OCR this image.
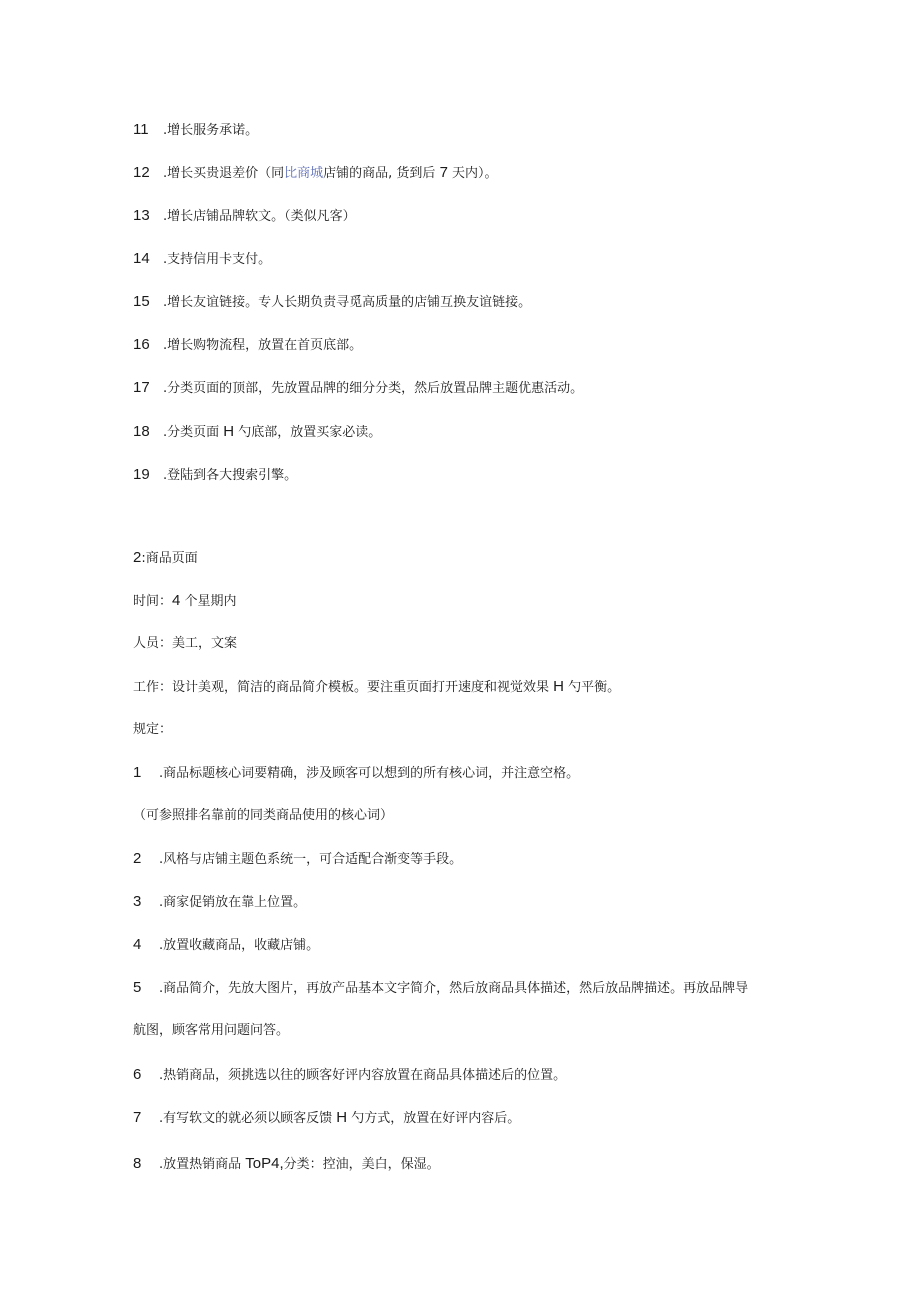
11 .增长服务承诺。
12 .增长买贵退差价（同比商城店铺的商品, 货到后 7 天内）。
13 .增长店铺品牌软文。（类似凡客）
14 .支持信用卡支付。
15 .增长友谊链接。专人长期负责寻觅高质量的店铺互换友谊链接。
16 .增长购物流程，放置在首页底部。
17 .分类页面的顶部，先放置品牌的细分分类，然后放置品牌主题优惠活动。
18 .分类页面 H 勺底部，放置买家必读。
19 .登陆到各大搜索引擎。
2:商品页面
时间：4 个星期内
人员：美工，文案
工作：设计美观，简洁的商品简介模板。要注重页面打开速度和视觉效果 H 勺平衡。
规定：
1 .商品标题核心词要精确，涉及顾客可以想到的所有核心词，并注意空格。
（可参照排名靠前的同类商品使用的核心词）
2 .风格与店铺主题色系统一，可合适配合渐变等手段。
3 .商家促销放在靠上位置。
4 .放置收藏商品，收藏店铺。
5 .商品简介，先放大图片，再放产品基本文字简介，然后放商品具体描述，然后放品牌描述。再放品牌导
航图，顾客常用问题问答。
6 .热销商品，须挑选以往的顾客好评内容放置在商品具体描述后的位置。
7 .有写软文的就必须以顾客反馈 H 勺方式，放置在好评内容后。
8 .放置热销商品 ToP4,分类：控油，美白，保湿。
